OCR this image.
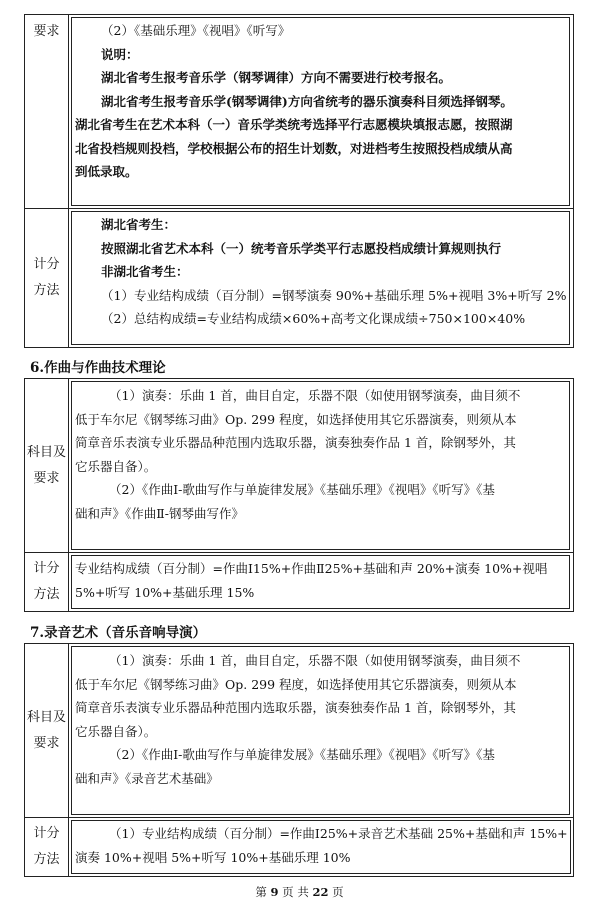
要求	（2）《基础乐理》《视唱》《听写》
说明：
湖北省考生报考音乐学（钢琴调律）方向不需要进行校考报名。
湖北省考生报考音乐学(钢琴调律)方向省统考的器乐演奏科目须选择钢琴。
湖北省考生在艺术本科（一）音乐学类统考选择平行志愿模块填报志愿，按照湖
北省投档规则投档，学校根据公布的招生计划数，对进档考生按照投档成绩从高
到低录取。
计分
方法
湖北省考生：
按照湖北省艺术本科（一）统考音乐学类平行志愿投档成绩计算规则执行
非湖北省考生：
（1）专业结构成绩（百分制）=钢琴演奏 90%+基础乐理 5%+视唱 3%+听写 2%
（2）总结构成绩=专业结构成绩×60%+高考文化课成绩÷750×100×40%
6.作曲与作曲技术理论
科目及
要求
（1）演奏：乐曲 1 首，曲目自定，乐器不限（如使用钢琴演奏，曲目须不
低于车尔尼《钢琴练习曲》Op. 299 程度，如选择使用其它乐器演奏，则须从本
简章音乐表演专业乐器品种范围内选取乐器，演奏独奏作品 1 首，除钢琴外，其
它乐器自备）。
（2）《作曲Ⅰ-歌曲写作与单旋律发展》《基础乐理》《视唱》《听写》《基
础和声》《作曲Ⅱ-钢琴曲写作》
计分
方法
专业结构成绩（百分制）=作曲Ⅰ15%+作曲Ⅱ25%+基础和声 20%+演奏 10%+视唱
5%+听写 10%+基础乐理 15%
7.录音艺术（音乐音响导演）
科目及
要求
（1）演奏：乐曲 1 首，曲目自定，乐器不限（如使用钢琴演奏，曲目须不
低于车尔尼《钢琴练习曲》Op. 299 程度，如选择使用其它乐器演奏，则须从本
简章音乐表演专业乐器品种范围内选取乐器，演奏独奏作品 1 首，除钢琴外，其
它乐器自备）。
（2）《作曲Ⅰ-歌曲写作与单旋律发展》《基础乐理》《视唱》《听写》《基
础和声》《录音艺术基础》
计分
方法
（1）专业结构成绩（百分制）=作曲Ⅰ25%+录音艺术基础 25%+基础和声 15%+
演奏 10%+视唱 5%+听写 10%+基础乐理 10%
第 9 页 共 22 页
